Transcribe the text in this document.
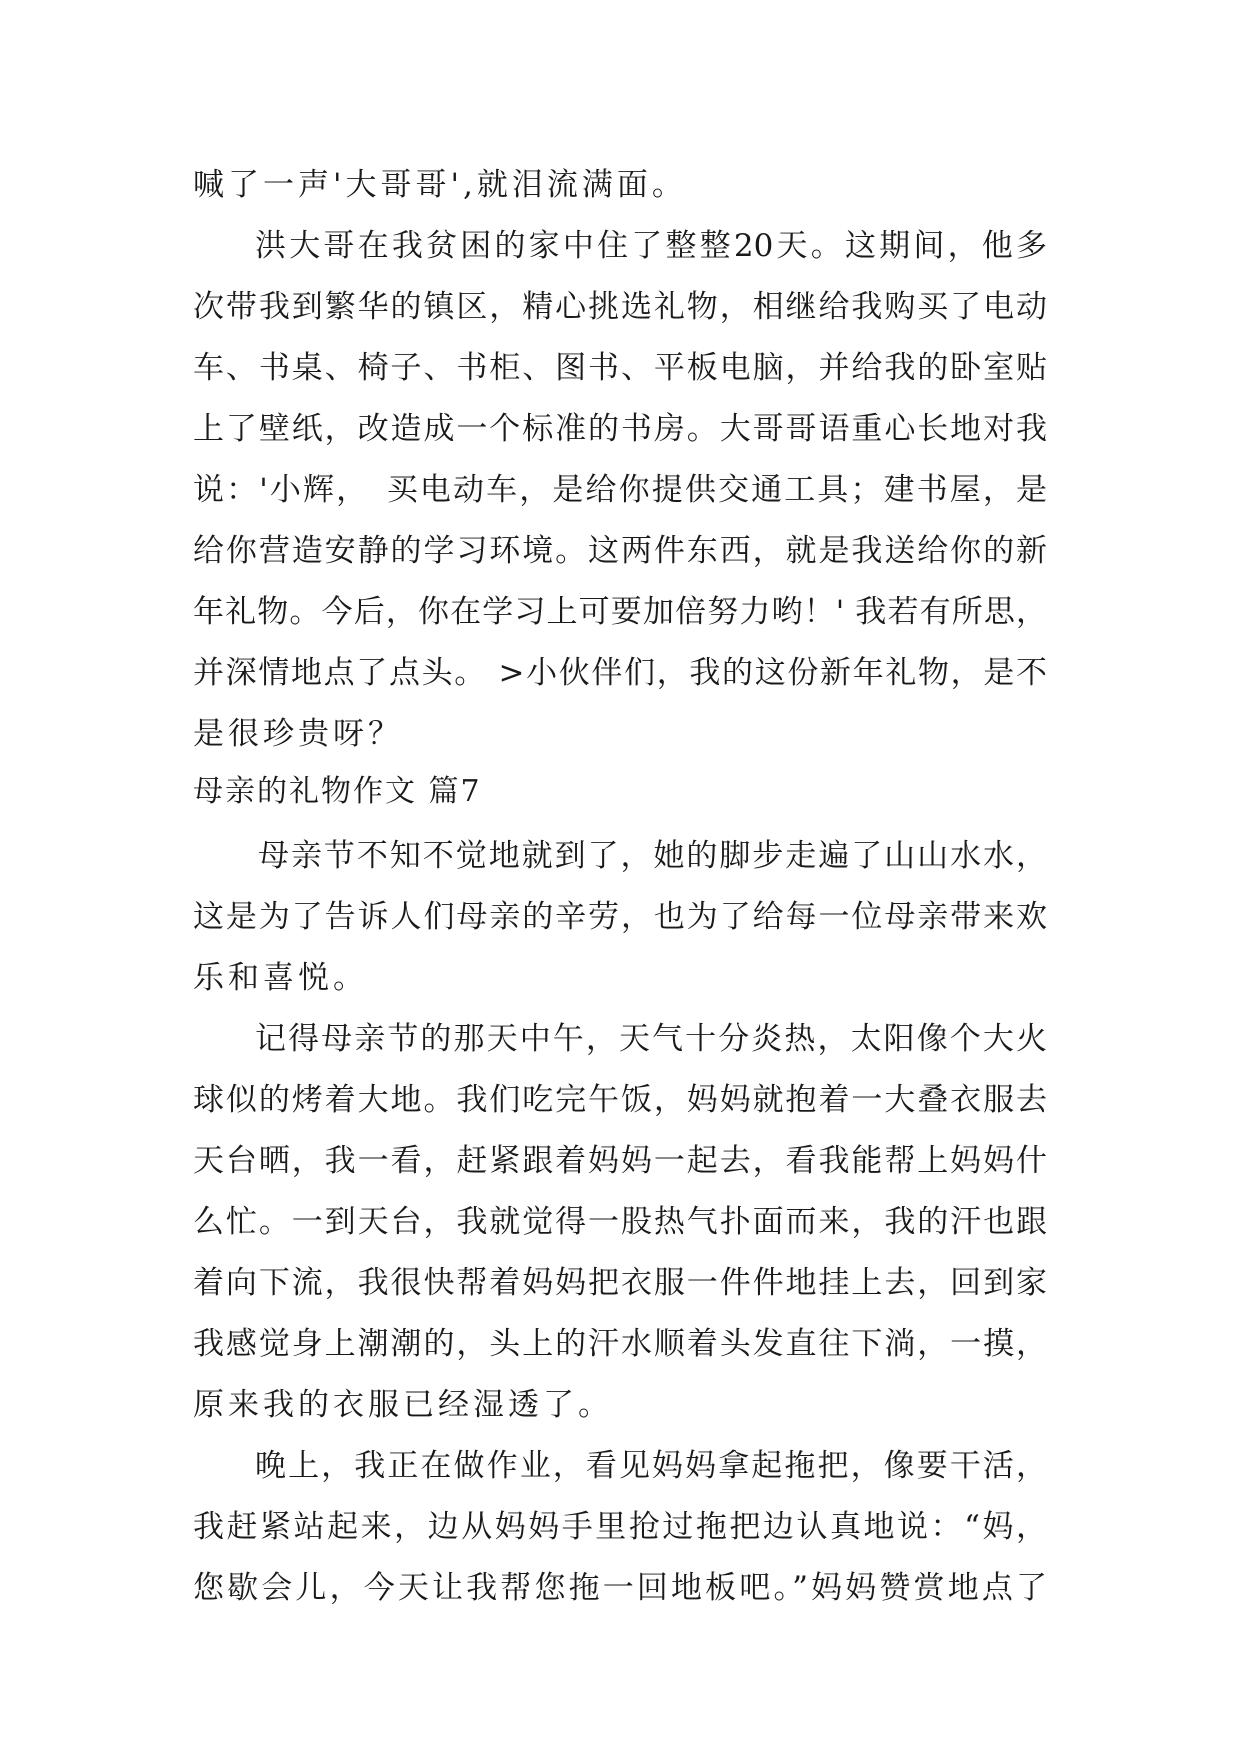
喊了一声'大哥哥',就泪流满面。
洪大哥在我贫困的家中住了整整20天。这期间，他多
次带我到繁华的镇区，精心挑选礼物，相继给我购买了电动
车、书桌、椅子、书柜、图书、平板电脑，并给我的卧室贴
上了壁纸，改造成一个标准的书房。大哥哥语重心长地对我
说：'小辉，　买电动车，是给你提供交通工具；建书屋，是
给你营造安静的学习环境。这两件东西，就是我送给你的新
年礼物。今后，你在学习上可要加倍努力哟！' 我若有所思，
并深情地点了点头。 >小伙伴们，我的这份新年礼物，是不
是很珍贵呀？
母亲的礼物作文 篇7
母亲节不知不觉地就到了，她的脚步走遍了山山水水，
这是为了告诉人们母亲的辛劳，也为了给每一位母亲带来欢
乐和喜悦。
记得母亲节的那天中午，天气十分炎热，太阳像个大火
球似的烤着大地。我们吃完午饭，妈妈就抱着一大叠衣服去
天台晒，我一看，赶紧跟着妈妈一起去，看我能帮上妈妈什
么忙。一到天台，我就觉得一股热气扑面而来，我的汗也跟
着向下流，我很快帮着妈妈把衣服一件件地挂上去，回到家
我感觉身上潮潮的，头上的汗水顺着头发直往下淌，一摸，
原来我的衣服已经湿透了。
晚上，我正在做作业，看见妈妈拿起拖把，像要干活，
我赶紧站起来，边从妈妈手里抢过拖把边认真地说：“妈，
您歇会儿，今天让我帮您拖一回地板吧。”妈妈赞赏地点了
